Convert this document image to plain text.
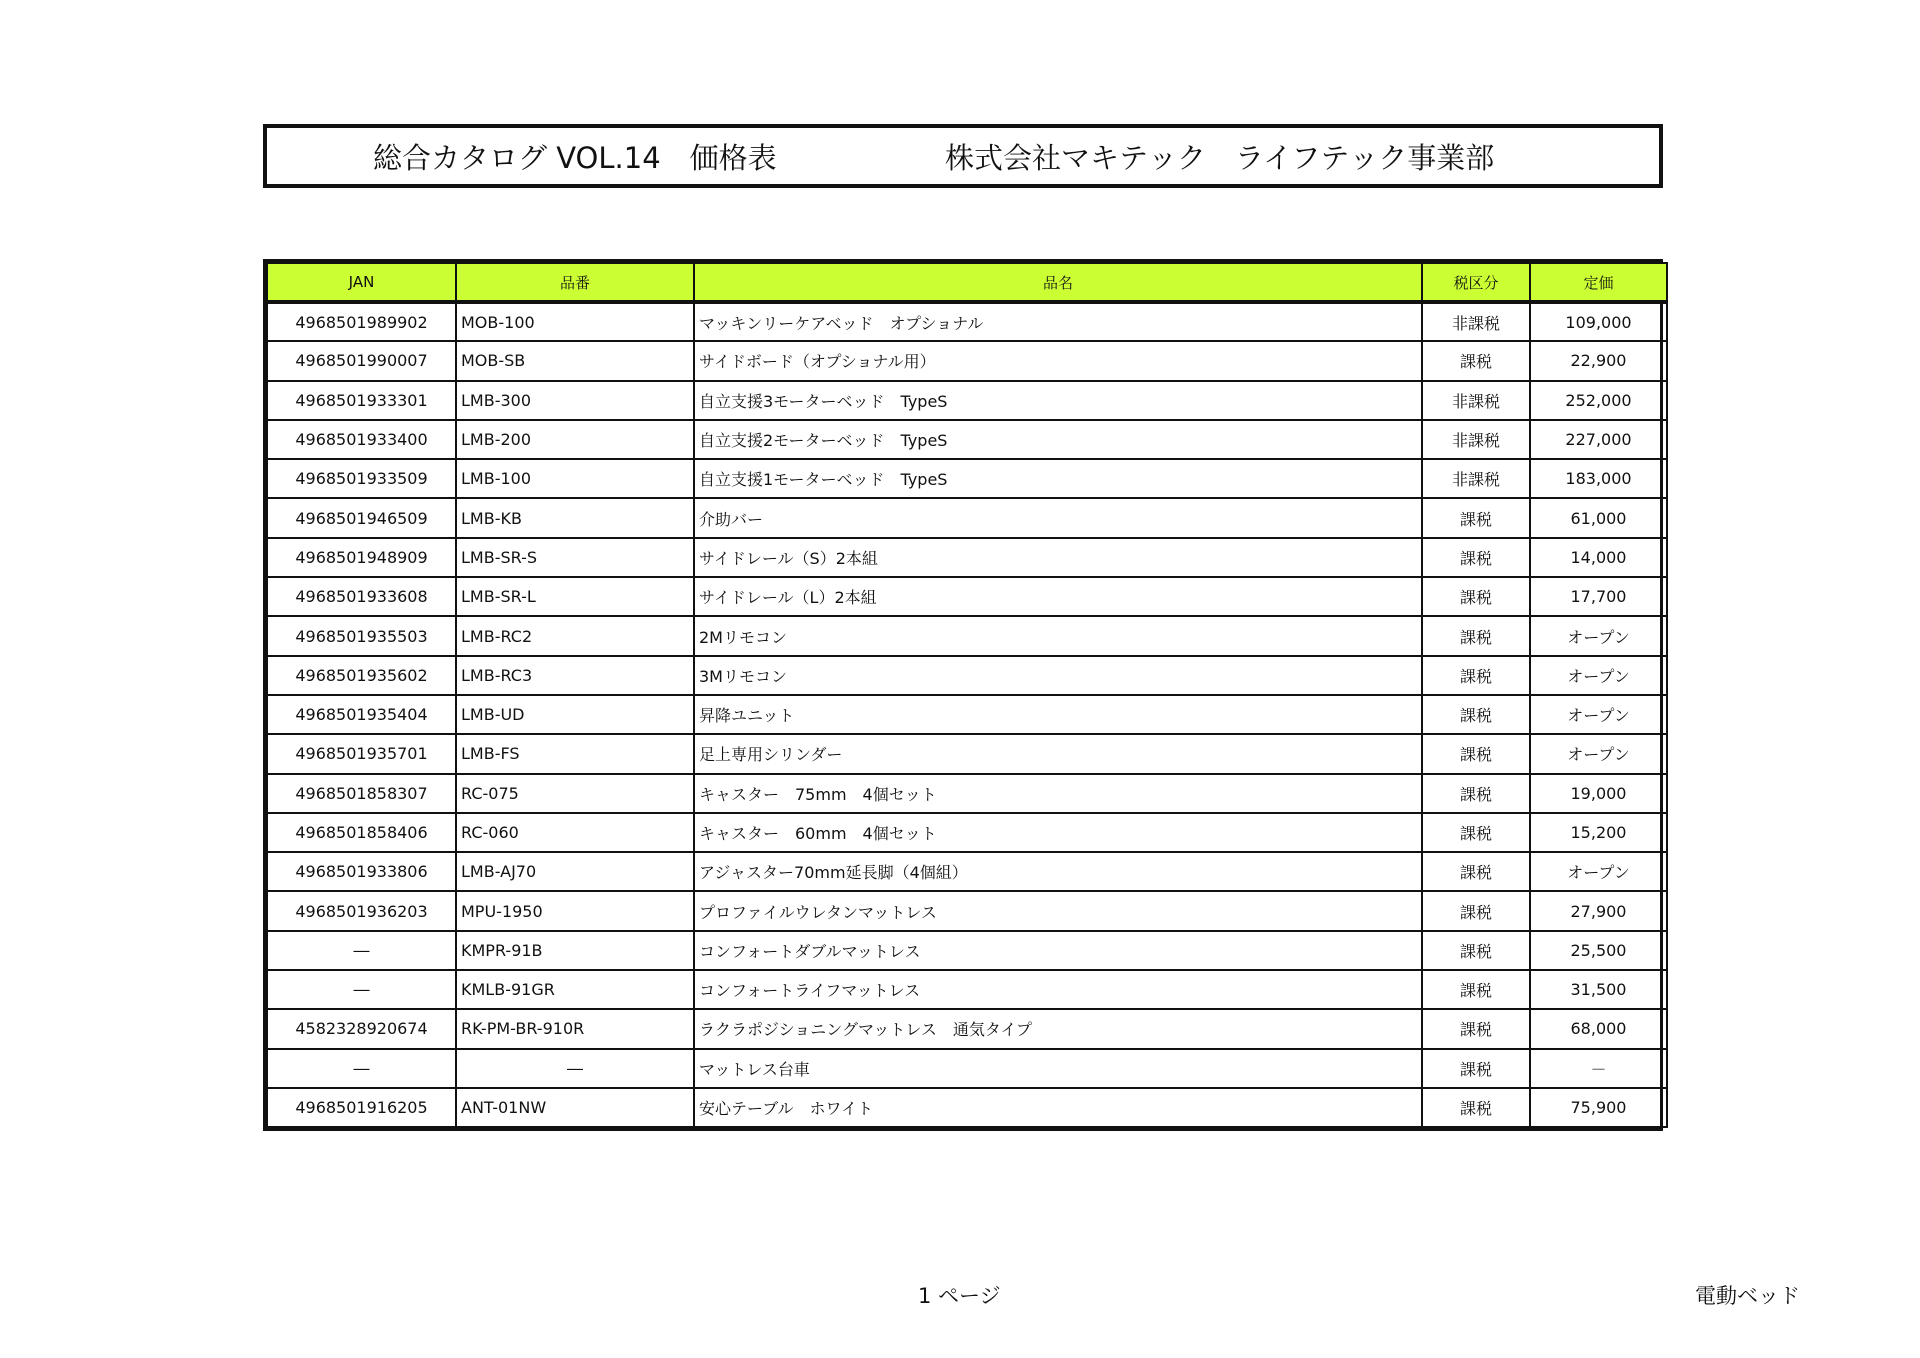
総合カタログ VOL.14　価格表	株式会社マキテック　ライフテック事業部
JAN	品番	品名	税区分	定価
4968501989902	MOB-100	マッキンリーケアベッド　オプショナル	非課税	109,000
4968501990007	MOB-SB	サイドボード（オプショナル用）	課税	22,900
4968501933301	LMB-300	自立支援3モーターベッド　TypeS	非課税	252,000
4968501933400	LMB-200	自立支援2モーターベッド　TypeS	非課税	227,000
4968501933509	LMB-100	自立支援1モーターベッド　TypeS	非課税	183,000
4968501946509	LMB-KB	介助バー	課税	61,000
4968501948909	LMB-SR-S	サイドレール（S）2本組	課税	14,000
4968501933608	LMB-SR-L	サイドレール（L）2本組	課税	17,700
4968501935503	LMB-RC2	2Mリモコン	課税	オープン
4968501935602	LMB-RC3	3Mリモコン	課税	オープン
4968501935404	LMB-UD	昇降ユニット	課税	オープン
4968501935701	LMB-FS	足上専用シリンダー	課税	オープン
4968501858307	RC-075	キャスター　75mm　4個セット	課税	19,000
4968501858406	RC-060	キャスター　60mm　4個セット	課税	15,200
4968501933806	LMB-AJ70	アジャスター70mm延長脚（4個組）	課税	オープン
4968501936203	MPU-1950	プロファイルウレタンマットレス	課税	27,900
―	KMPR-91B	コンフォートダブルマットレス	課税	25,500
―	KMLB-91GR	コンフォートライフマットレス	課税	31,500
4582328920674	RK-PM-BR-910R	ラクラポジショニングマットレス　通気タイプ	課税	68,000
―	―	マットレス台車	課税	－
4968501916205	ANT-01NW	安心テーブル　ホワイト	課税	75,900
1 ページ	電動ベッド
